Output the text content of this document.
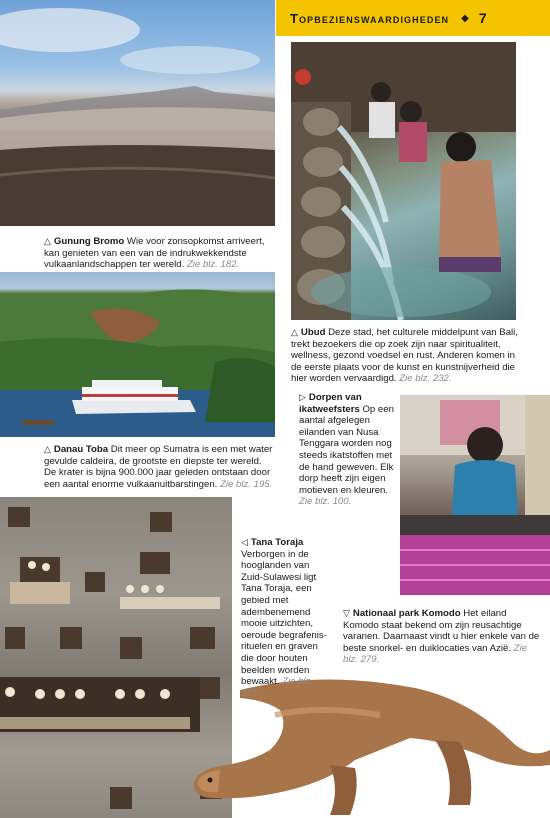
Topbezienswaardigheden ◆ 7
△ Gunung Bromo Wie voor zonsopkomst arriveert, kan genieten van een van de indrukwekkendste vulkaanlandschappen ter wereld. Zie blz. 182.
△ Ubud Deze stad, het culturele middelpunt van Bali, trekt bezoekers die op zoek zijn naar spiritualiteit, wellness, gezond voedsel en rust. Anderen komen in de eerste plaats voor de kunst en kunstnijverheid die hier worden vervaardigd. Zie blz. 232.
▷ Dorpen van ikatweefsters Op een aantal afgelegen eilanden van Nusa Tenggara worden nog steeds ikatstoffen met de hand geweven. Elk dorp heeft zijn eigen motieven en kleuren. Zie blz. 100.
△ Danau Toba Dit meer op Sumatra is een met water gevulde caldeira, de grootste en diepste ter wereld. De krater is bijna 900.000 jaar geleden ontstaan door een aantal enorme vulkaanuitbarstingen. Zie blz. 195.
◁ Tana Toraja Verborgen in de hooglanden van Zuid-Sulawesi ligt Tana Toraja, een gebied met adembenemend mooie uitzichten, oeroude begrafenisrituelen en graven die door houten beelden worden bewaakt. Zie blz. 327.
▽ Nationaal park Komodo Het eiland Komodo staat bekend om zijn reusachtige varanen. Daarnaast vindt u hier enkele van de beste snorkel- en duiklocaties van Azië. Zie blz. 279.
